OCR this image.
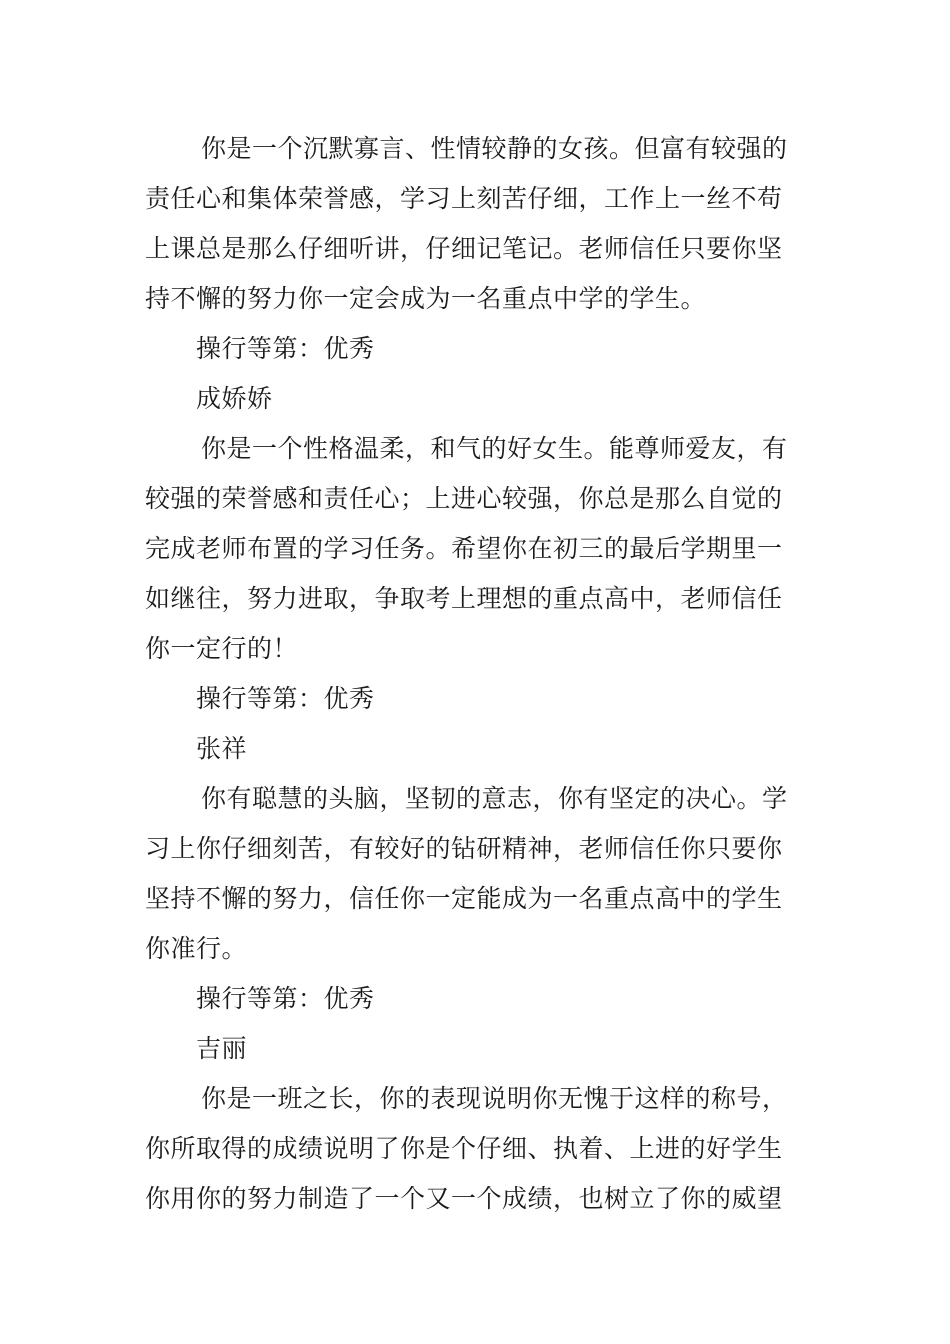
你是一个沉默寡言、性情较静的女孩。但富有较强的
责任心和集体荣誉感，学习上刻苦仔细，工作上一丝不苟
上课总是那么仔细听讲，仔细记笔记。老师信任只要你坚
持不懈的努力你一定会成为一名重点中学的学生。
操行等第：优秀
成娇娇
你是一个性格温柔，和气的好女生。能尊师爱友，有
较强的荣誉感和责任心；上进心较强，你总是那么自觉的
完成老师布置的学习任务。希望你在初三的最后学期里一
如继往，努力进取，争取考上理想的重点高中，老师信任
你一定行的！
操行等第：优秀
张祥
你有聪慧的头脑，坚韧的意志，你有坚定的决心。学
习上你仔细刻苦，有较好的钻研精神，老师信任你只要你
坚持不懈的努力，信任你一定能成为一名重点高中的学生
你准行。
操行等第：优秀
吉丽
你是一班之长，你的表现说明你无愧于这样的称号，
你所取得的成绩说明了你是个仔细、执着、上进的好学生
你用你的努力制造了一个又一个成绩，也树立了你的威望
